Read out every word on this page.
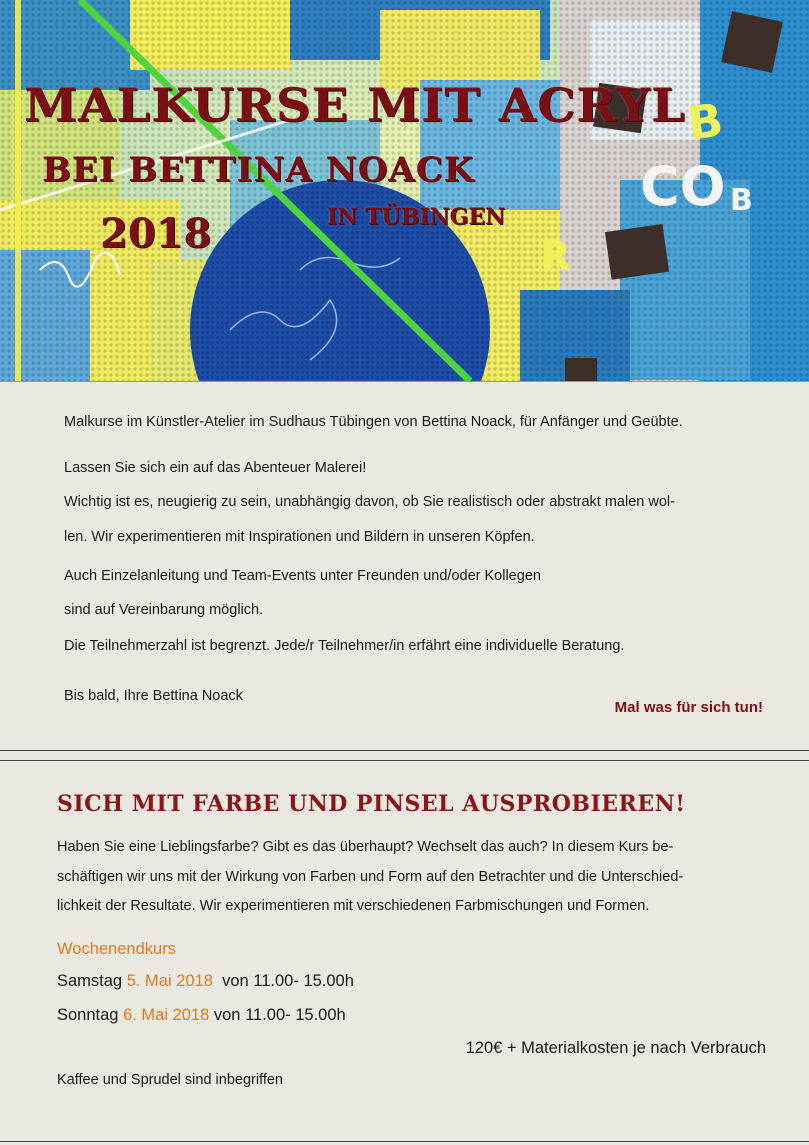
B
CO
R
B
MALKURSE MIT ACRYL
BEI BETTINA NOACK
2018	IN TÜBINGEN
Malkurse im Künstler-Atelier im Sudhaus Tübingen von Bettina Noack, für Anfänger und Geübte.
Lassen Sie sich ein auf das Abenteuer Malerei!
Wichtig ist es, neugierig zu sein, unabhängig davon, ob Sie realistisch oder abstrakt malen wol-
len. Wir experimentieren mit Inspirationen und Bildern in unseren Köpfen.
Auch Einzelanleitung und Team-Events unter Freunden und/oder Kollegen
sind auf Vereinbarung möglich.
Die Teilnehmerzahl ist begrenzt. Jede/r Teilnehmer/in erfährt eine individuelle Beratung.
Bis bald, Ihre Bettina Noack
Mal was für sich tun!
SICH MIT FARBE UND PINSEL AUSPROBIEREN!
Haben Sie eine Lieblingsfarbe? Gibt es das überhaupt? Wechselt das auch? In diesem Kurs be-
schäftigen wir uns mit der Wirkung von Farben und Form auf den Betrachter und die Unterschied-
lichkeit der Resultate. Wir experimentieren mit verschiedenen Farbmischungen und Formen.
Wochenendkurs
Samstag 5. Mai 2018  von 11.00- 15.00h
Sonntag 6. Mai 2018 von 11.00- 15.00h
120€ + Materialkosten je nach Verbrauch
Kaffee und Sprudel sind inbegriffen
